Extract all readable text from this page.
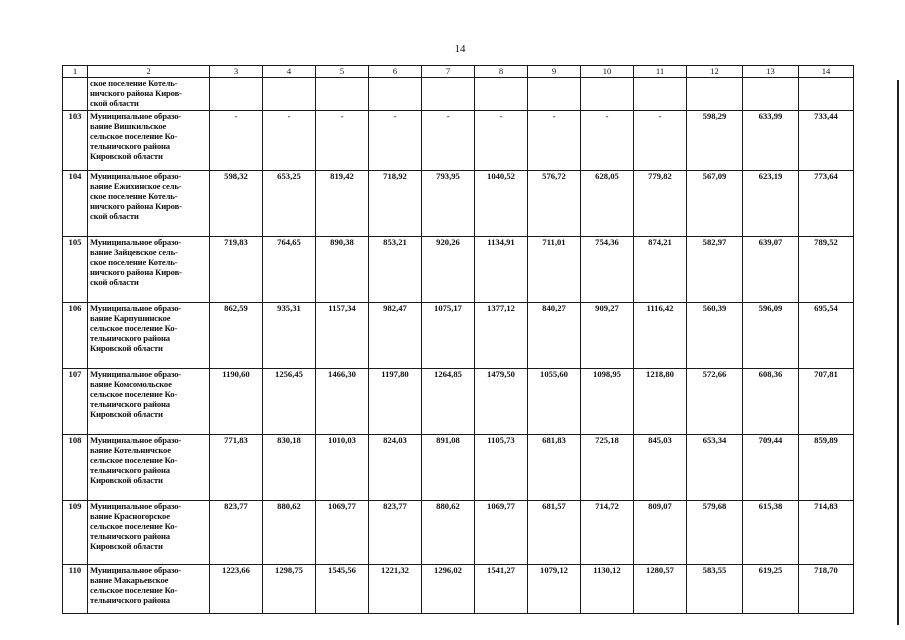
14
1	2	3	4	5	6	7	8	9	10	11	12	13	14
	ское поселение Котель-
ничского района Киров-
ской области												
103	Муниципальное образо-
вание Вишкильское
сельское поселение Ко-
тельничского района
Кировской области	-	-	-	-	-	-	-	-	-	598,29	633,99	733,44
104	Муниципальное образо-
вание Ежихинское сель-
ское поселение Котель-
ничского района Киров-
ской области	598,32	653,25	819,42	718,92	793,95	1040,52	576,72	628,05	779,82	567,09	623,19	773,64
105	Муниципальное образо-
вание Зайцевское сель-
ское поселение Котель-
ничского района Киров-
ской области	719,83	764,65	890,38	853,21	920,26	1134,91	711,01	754,36	874,21	582,97	639,07	789,52
106	Муниципальное образо-
вание Карпушинское
сельское поселение Ко-
тельничского района
Кировской области	862,59	935,31	1157,34	982,47	1075,17	1377,12	840,27	909,27	1116,42	560,39	596,09	695,54
107	Муниципальное образо-
вание Комсомольское
сельское поселение Ко-
тельничского района
Кировской области	1190,60	1256,45	1466,30	1197,80	1264,85	1479,50	1055,60	1098,95	1218,80	572,66	608,36	707,81
108	Муниципальное образо-
вание Котельничское
сельское поселение Ко-
тельничского района
Кировской области	771,83	830,18	1010,03	824,03	891,08	1105,73	681,83	725,18	845,03	653,34	709,44	859,89
109	Муниципальное образо-
вание Красногорское
сельское поселение Ко-
тельничского района
Кировской области	823,77	880,62	1069,77	823,77	880,62	1069,77	681,57	714,72	809,07	579,68	615,38	714,83
110	Муниципальное образо-
вание Макарьевское
сельское поселение Ко-
тельничского района	1223,66	1298,75	1545,56	1221,32	1296,02	1541,27	1079,12	1130,12	1280,57	583,55	619,25	718,70
